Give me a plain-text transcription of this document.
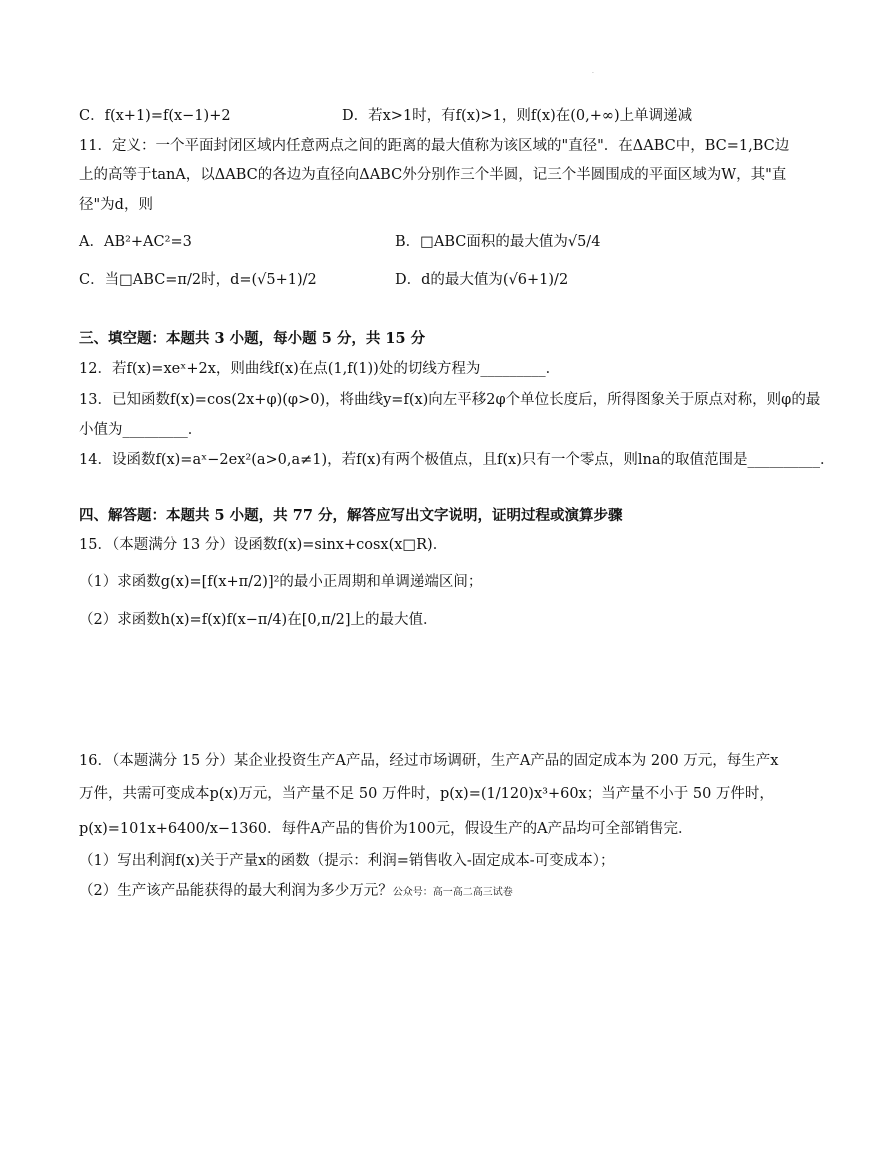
·
C．f(x+1)=f(x−1)+2	D．若x>1时，有f(x)>1，则f(x)在(0,+∞)上单调递减
11．定义：一个平面封闭区域内任意两点之间的距离的最大值称为该区域的"直径"．在ΔABC中，BC=1,BC边
上的高等于tanA，以ΔABC的各边为直径向ΔABC外分别作三个半圆，记三个半圆围成的平面区域为W，其"直
径"为d，则
A．AB²+AC²=3	B．□ABC面积的最大值为√5/4
C．当□ABC=π/2时，d=(√5+1)/2	D．d的最大值为(√6+1)/2
三、填空题：本题共 3 小题，每小题 5 分，共 15 分
12．若f(x)=xeˣ+2x，则曲线f(x)在点(1,f(1))处的切线方程为_________．
13．已知函数f(x)=cos(2x+φ)(φ>0)，将曲线y=f(x)向左平移2φ个单位长度后，所得图象关于原点对称，则φ的最
小值为_________．
14．设函数f(x)=aˣ−2ex²(a>0,a≠1)，若f(x)有两个极值点，且f(x)只有一个零点，则lna的取值范围是__________．
四、解答题：本题共 5 小题，共 77 分，解答应写出文字说明，证明过程或演算步骤
15．（本题满分 13 分）设函数f(x)=sinx+cosx(x□R)．
（1）求函数g(x)=[f(x+π/2)]²的最小正周期和单调递端区间；
（2）求函数h(x)=f(x)f(x−π/4)在[0,π/2]上的最大值．
16．（本题满分 15 分）某企业投资生产A产品，经过市场调研，生产A产品的固定成本为 200 万元，每生产x
万件，共需可变成本p(x)万元，当产量不足 50 万件时，p(x)=(1/120)x³+60x；当产量不小于 50 万件时，
p(x)=101x+6400/x−1360．每件A产品的售价为100元，假设生产的A产品均可全部销售完．
（1）写出利润f(x)关于产量x的函数（提示：利润=销售收入-固定成本-可变成本）；
（2）生产该产品能获得的最大利润为多少万元？公众号：高一高二高三试卷
